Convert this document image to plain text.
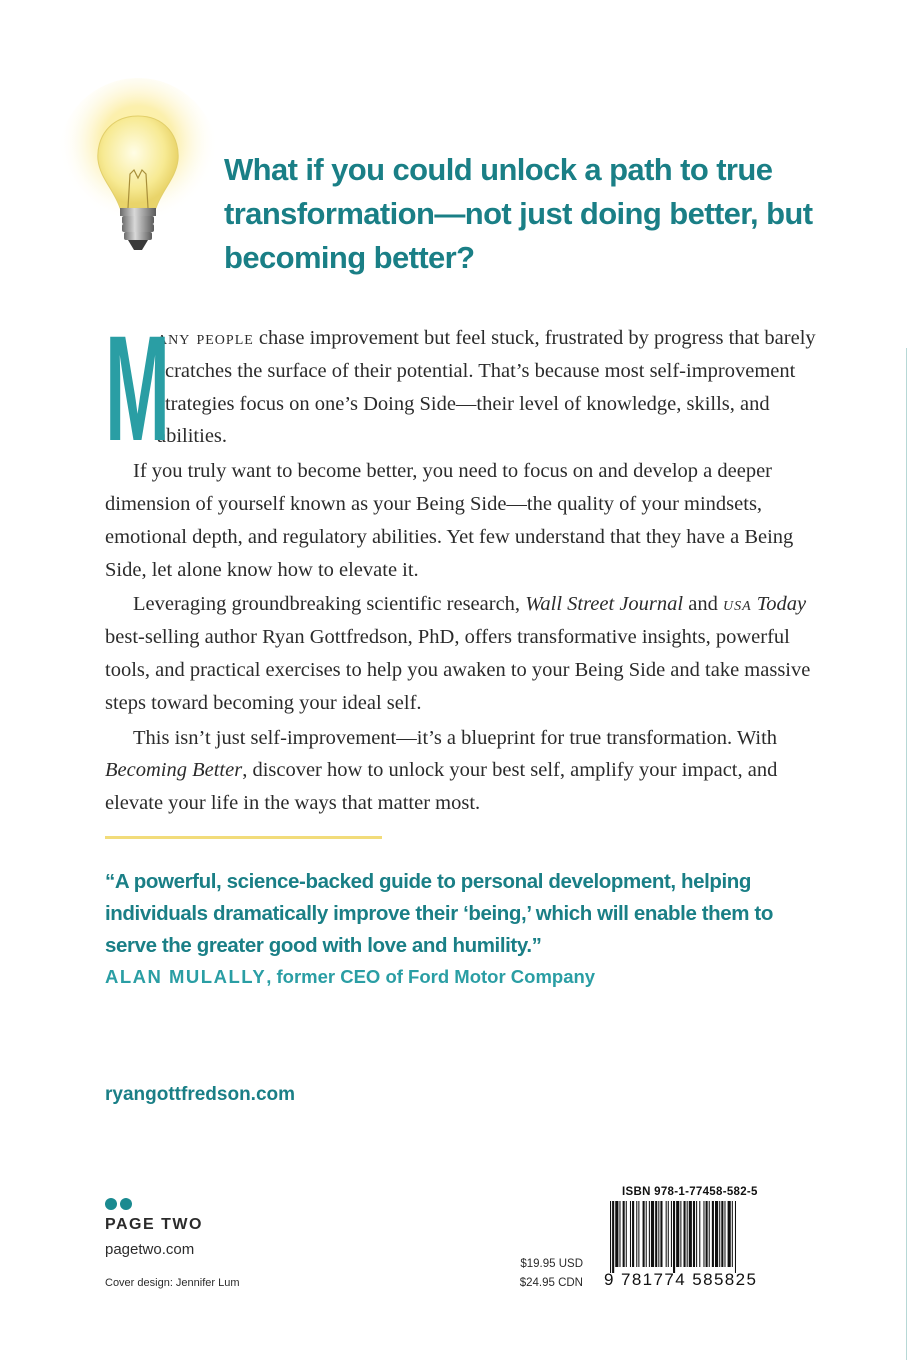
What if you could unlock a path to true transformation—not just doing better, but becoming better?
M

any people chase improvement but feel stuck, frustrated by progress that barely scratches the surface of their potential. That’s because most self-improvement strategies focus on one’s Doing Side—their level of knowledge, skills, and abilities.

If you truly want to become better, you need to focus on and develop a deeper dimension of yourself known as your Being Side—the quality of your mindsets, emotional depth, and regulatory abilities. Yet few understand that they have a Being Side, let alone know how to elevate it.

Leveraging groundbreaking scientific research, Wall Street Journal and usa Today best-selling author Ryan Gottfredson, PhD, offers transformative insights, powerful tools, and practical exercises to help you awaken to your Being Side and take massive steps toward becoming your ideal self.

This isn’t just self-improvement—it’s a blueprint for true transformation. With Becoming Better, discover how to unlock your best self, amplify your impact, and elevate your life in the ways that matter most.

“A powerful, science-backed guide to personal development, helping individuals dramatically improve their ‘being,’ which will enable them to serve the greater good with love and humility.”

ALAN MULALLY, former CEO of Ford Motor Company

ryangottfredson.com

PAGE TWO

pagetwo.com

Cover design: Jennifer Lum

$19.95 USD

$24.95 CDN

ISBN 978-1-77458-582-5

9 781774 585825
